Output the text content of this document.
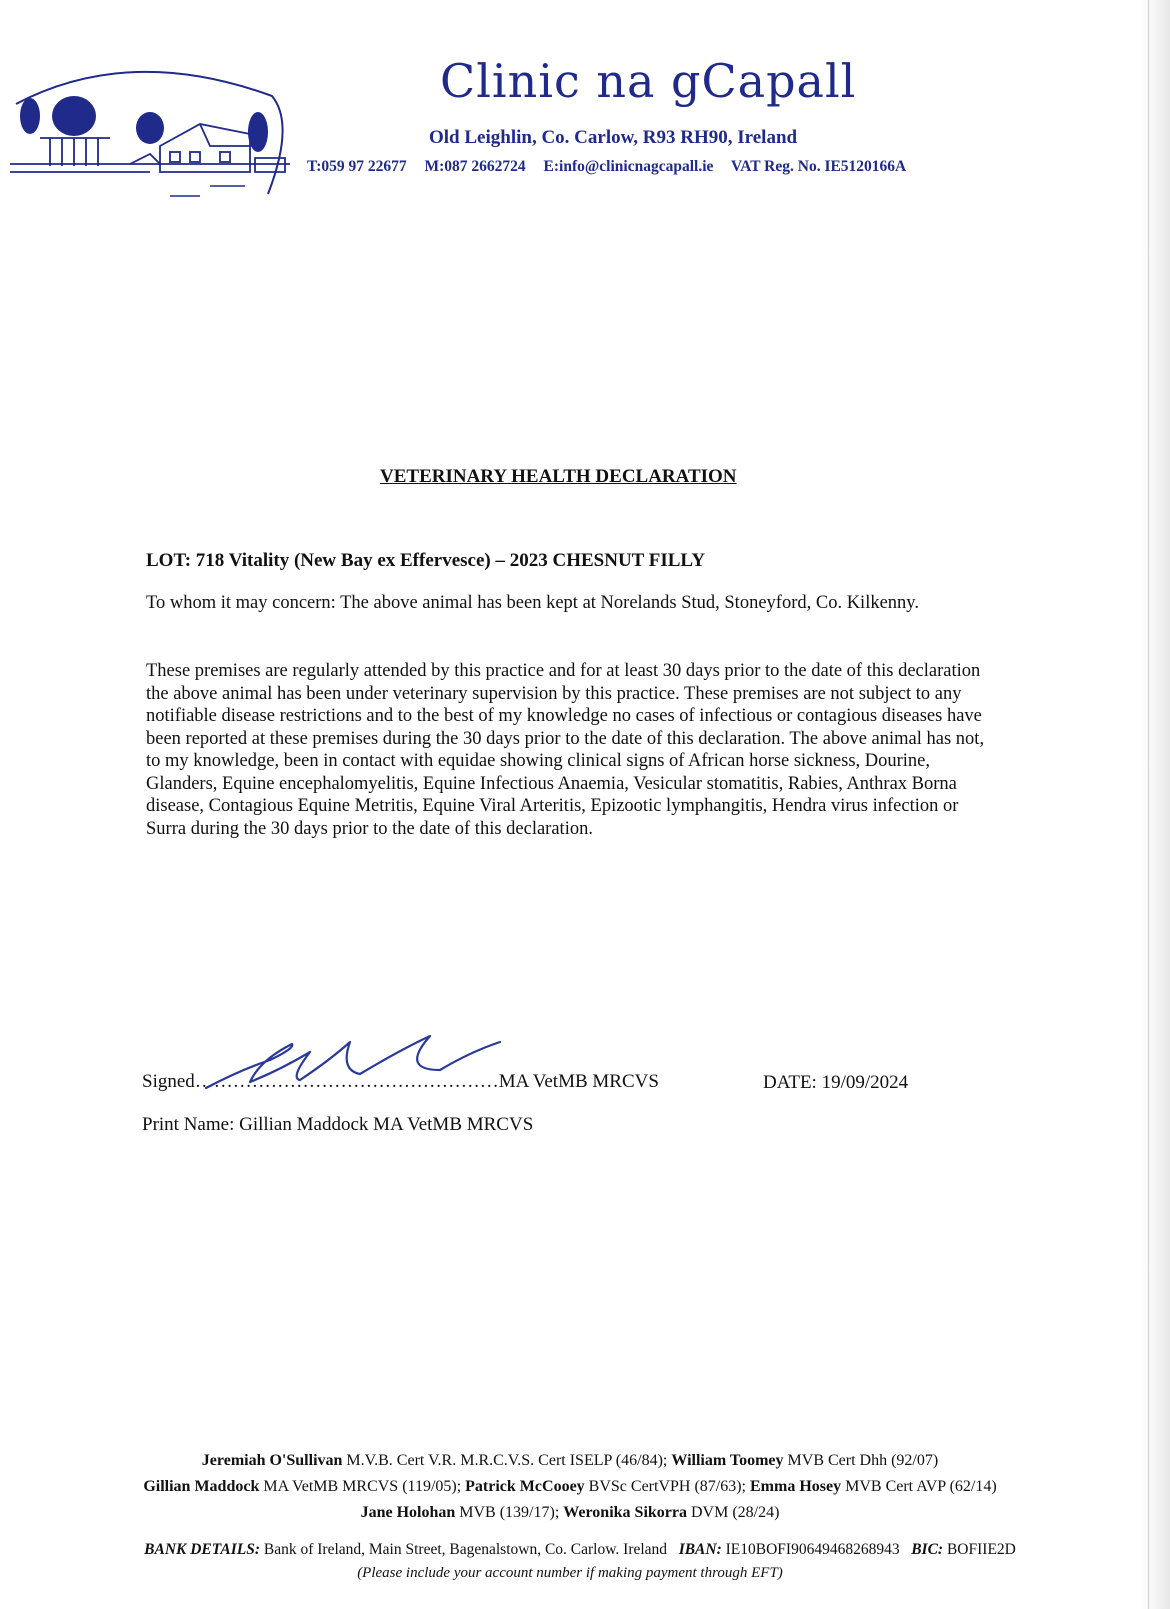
Clinic na gCapall
Old Leighlin, Co. Carlow, R93 RH90, Ireland
T:059 97 22677 M:087 2662724 E:info@clinicnagcapall.ie VAT Reg. No. IE5120166A
VETERINARY HEALTH DECLARATION
LOT: 718 Vitality (New Bay ex Effervesce) – 2023 CHESNUT FILLY

To whom it may concern: The above animal has been kept at Norelands Stud, Stoneyford, Co. Kilkenny.

These premises are regularly attended by this practice and for at least 30 days prior to the date of this declaration the above animal has been under veterinary supervision by this practice. These premises are not subject to any notifiable disease restrictions and to the best of my knowledge no cases of infectious or contagious diseases have been reported at these premises during the 30 days prior to the date of this declaration. The above animal has not, to my knowledge, been in contact with equidae showing clinical signs of African horse sickness, Dourine, Glanders, Equine encephalomyelitis, Equine Infectious Anaemia, Vesicular stomatitis, Rabies, Anthrax Borna disease, Contagious Equine Metritis, Equine Viral Arteritis, Epizootic lymphangitis, Hendra virus infection or Surra during the 30 days prior to the date of this declaration.

Signed…………………………………………MA VetMB MRCVS	DATE: 19/09/2024
Print Name: Gillian Maddock MA VetMB MRCVS
Jeremiah O'Sullivan M.V.B. Cert V.R. M.R.C.V.S. Cert ISELP (46/84); William Toomey MVB Cert Dhh (92/07)
Gillian Maddock MA VetMB MRCVS (119/05); Patrick McCooey BVSc CertVPH (87/63); Emma Hosey MVB Cert AVP (62/14)
Jane Holohan MVB (139/17); Weronika Sikorra DVM (28/24)
BANK DETAILS: Bank of Ireland, Main Street, Bagenalstown, Co. Carlow. Ireland IBAN: IE10BOFI90649468268943 BIC: BOFIIE2D
(Please include your account number if making payment through EFT)
